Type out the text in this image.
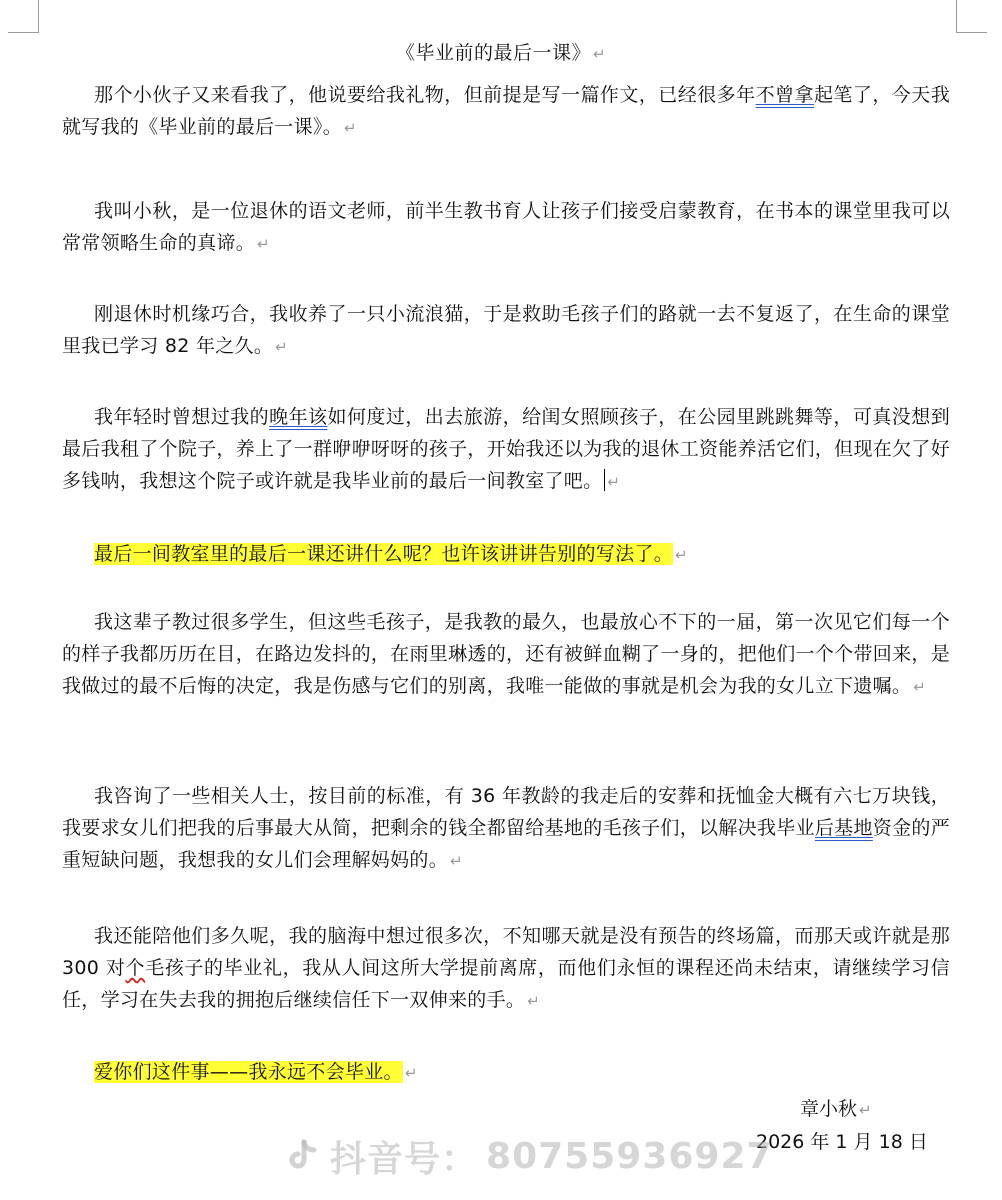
《毕业前的最后一课》 ↵

那个小伙子又来看我了，他说要给我礼物，但前提是写一篇作文，已经很多年不曾拿起笔了，今天我就写我的《毕业前的最后一课》。 ↵

我叫小秋，是一位退休的语文老师，前半生教书育人让孩子们接受启蒙教育，在书本的课堂里我可以常常领略生命的真谛。 ↵

刚退休时机缘巧合，我收养了一只小流浪猫，于是救助毛孩子们的路就一去不复返了，在生命的课堂里我已学习 82 年之久。 ↵

我年轻时曾想过我的晚年该如何度过，出去旅游，给闺女照顾孩子，在公园里跳跳舞等，可真没想到最后我租了个院子，养上了一群咿咿呀呀的孩子，开始我还以为我的退休工资能养活它们，但现在欠了好多钱呐，我想这个院子或许就是我毕业前的最后一间教室了吧。 ↵

最后一间教室里的最后一课还讲什么呢？也许该讲讲告别的写法了。 ↵

我这辈子教过很多学生，但这些毛孩子，是我教的最久，也最放心不下的一届，第一次见它们每一个的样子我都历历在目，在路边发抖的，在雨里琳透的，还有被鲜血糊了一身的，把他们一个个带回来，是我做过的最不后悔的决定，我是伤感与它们的别离，我唯一能做的事就是机会为我的女儿立下遗嘱。 ↵

我咨询了一些相关人士，按目前的标准，有 36 年教龄的我走后的安葬和抚恤金大概有六七万块钱，我要求女儿们把我的后事最大从简，把剩余的钱全都留给基地的毛孩子们，以解决我毕业后基地资金的严重短缺问题，我想我的女儿们会理解妈妈的。 ↵

我还能陪他们多久呢，我的脑海中想过很多次，不知哪天就是没有预告的终场篇，而那天或许就是那 300 对个毛孩子的毕业礼，我从人间这所大学提前离席，而他们永恒的课程还尚未结束，请继续学习信任，学习在失去我的拥抱后继续信任下一双伸来的手。 ↵

爱你们这件事——我永远不会毕业。 ↵

章小秋 ↵
2026 年 1 月 18 日
抖音号： 80755936927
